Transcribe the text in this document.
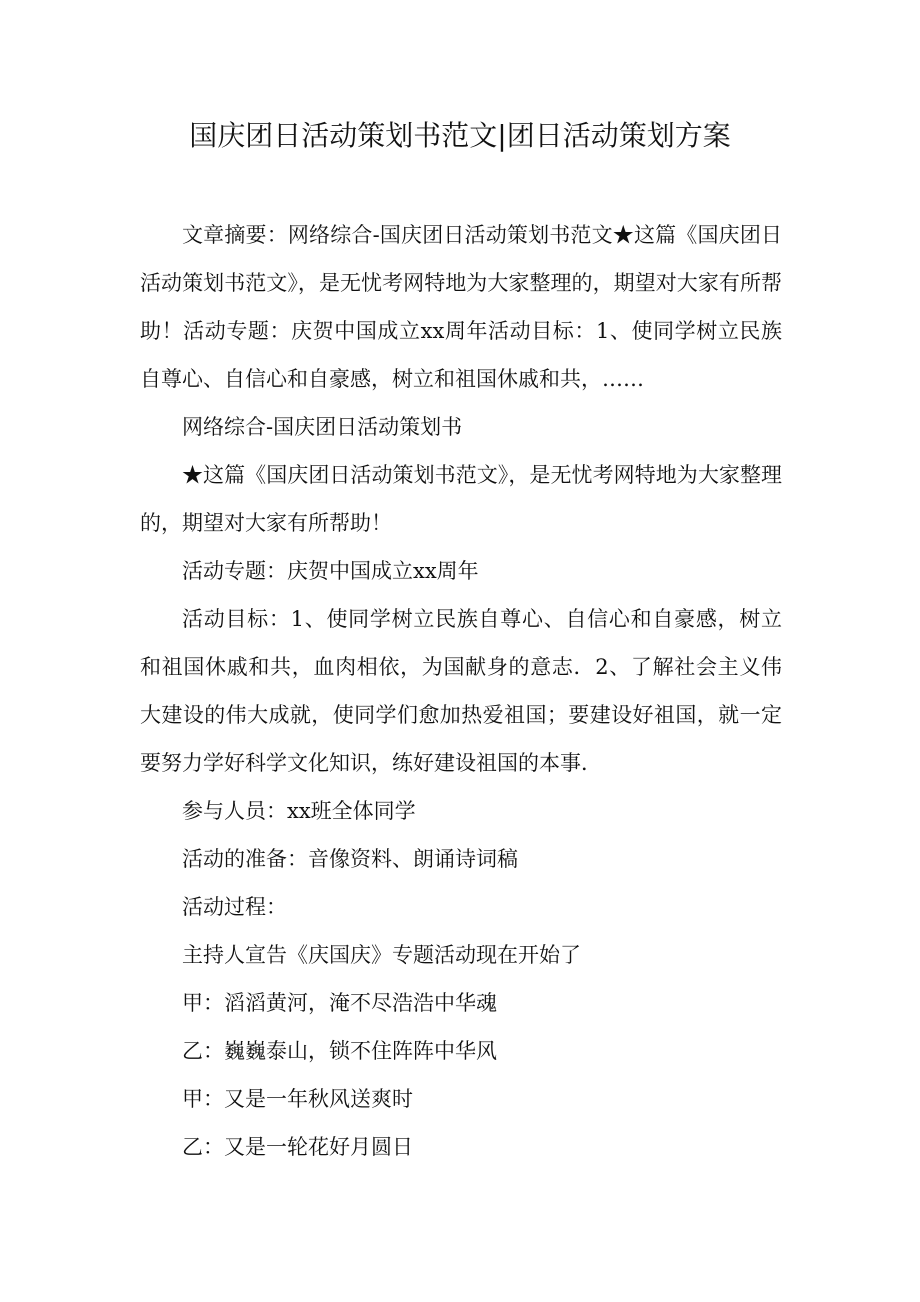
国庆团日活动策划书范文|团日活动策划方案

文章摘要：网络综合-国庆团日活动策划书范文★这篇《国庆团日活动策划书范文》，是无忧考网特地为大家整理的，期望对大家有所帮助！活动专题：庆贺中国成立xx周年活动目标：1、使同学树立民族自尊心、自信心和自豪感，树立和祖国休戚和共，……

网络综合-国庆团日活动策划书

★这篇《国庆团日活动策划书范文》，是无忧考网特地为大家整理的，期望对大家有所帮助！

活动专题：庆贺中国成立xx周年

活动目标：1、使同学树立民族自尊心、自信心和自豪感，树立和祖国休戚和共，血肉相依，为国献身的意志．2、了解社会主义伟大建设的伟大成就，使同学们愈加热爱祖国；要建设好祖国，就一定要努力学好科学文化知识，练好建设祖国的本事．

参与人员：xx班全体同学

活动的准备：音像资料、朗诵诗词稿

活动过程：

主持人宣告《庆国庆》专题活动现在开始了

甲：滔滔黄河，淹不尽浩浩中华魂

乙：巍巍泰山，锁不住阵阵中华风

甲：又是一年秋风送爽时

乙：又是一轮花好月圆日
